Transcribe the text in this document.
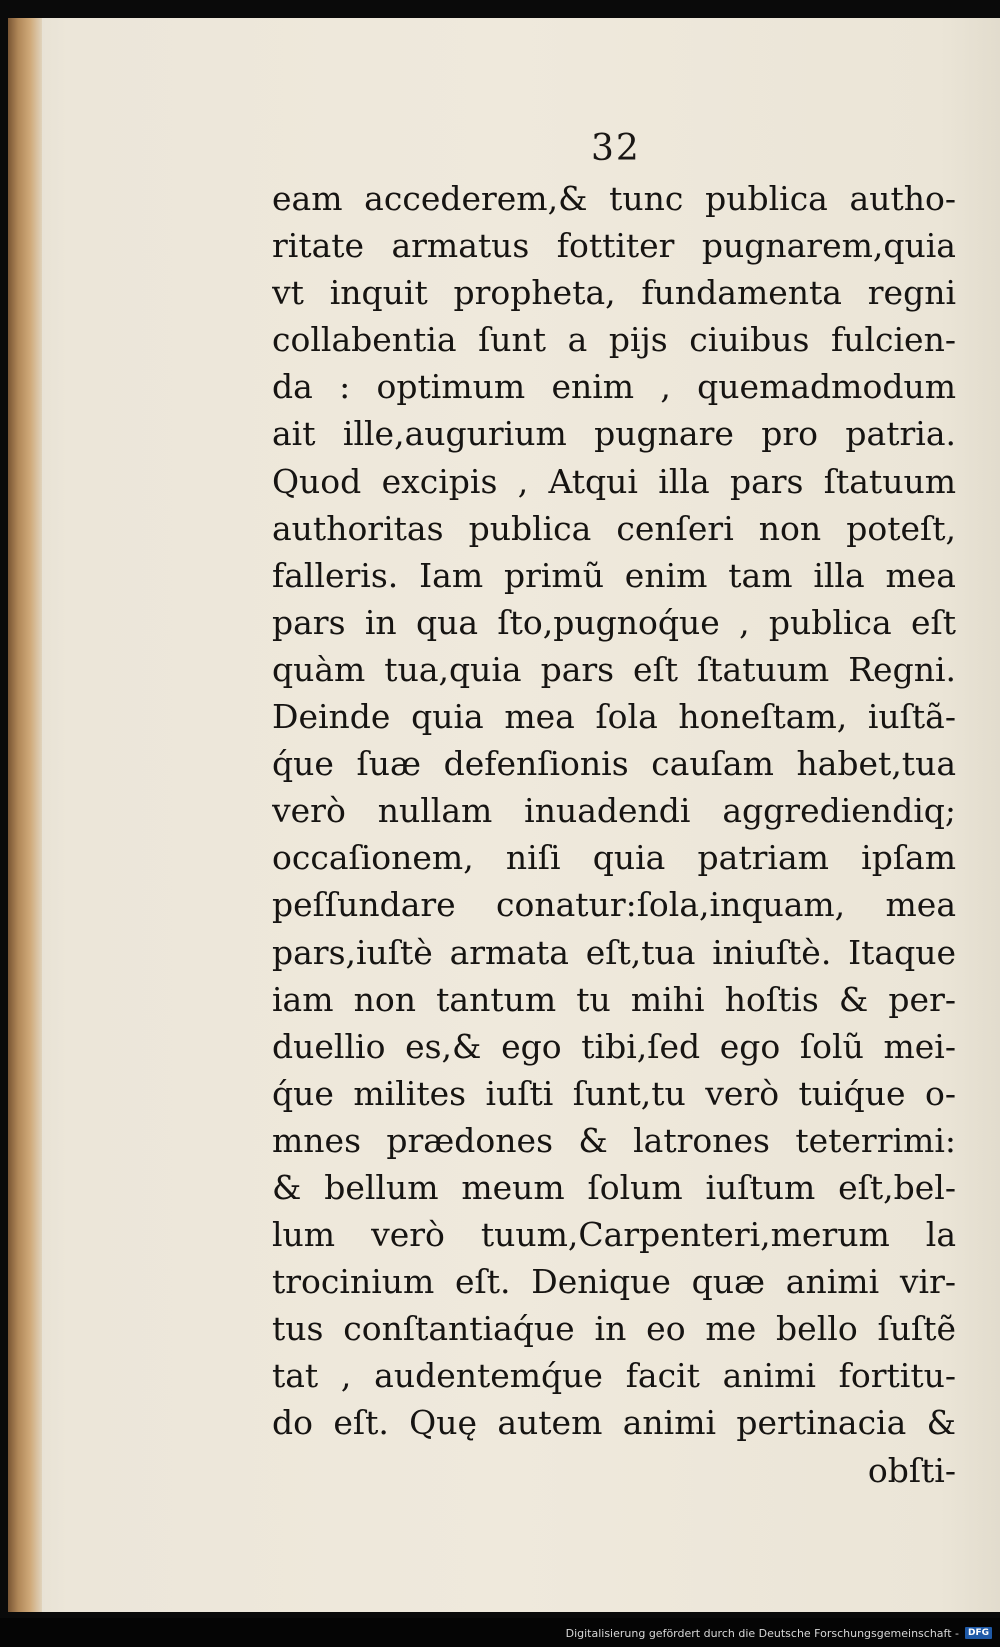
32
eam accederem,& tunc publica autho-
ritate armatus fottiter pugnarem,quia
vt inquit propheta, fundamenta regni
collabentia ſunt a pijs ciuibus fulcien-
da : optimum enim , quemadmodum
ait ille,augurium pugnare pro patria.
Quod excipis , Atqui illa pars ſtatuum
authoritas publica cenſeri non poteſt,
falleris. Iam primũ enim tam illa mea
pars in qua ſto,pugnoq́ue , publica eſt
quàm tua,quia pars eſt ſtatuum Regni.
Deinde quia mea ſola honeſtam, iuſtã-
q́ue ſuæ defenſionis cauſam habet,tua
verò nullam inuadendi aggrediendiq;
occaſionem, niſi quia patriam ipſam
peſſundare conatur:ſola,inquam, mea
pars,iuſtè armata eſt,tua iniuſtè. Itaque
iam non tantum tu mihi hoſtis & per-
duellio es,& ego tibi,ſed ego ſolũ mei-
q́ue milites iuſti ſunt,tu verò tuiq́ue o-
mnes prædones & latrones teterrimi:
& bellum meum ſolum iuſtum eſt,bel-
lum verò tuum,Carpenteri,merum la
trocinium eſt. Denique quæ animi vir-
tus conſtantiaq́ue in eo me bello ſuſtẽ
tat , audentemq́ue facit animi fortitu-
do eſt. Quę autem animi pertinacia &
obſti-
Digitalisierung gefördert durch die Deutsche Forschungsgemeinschaft -	DFG
